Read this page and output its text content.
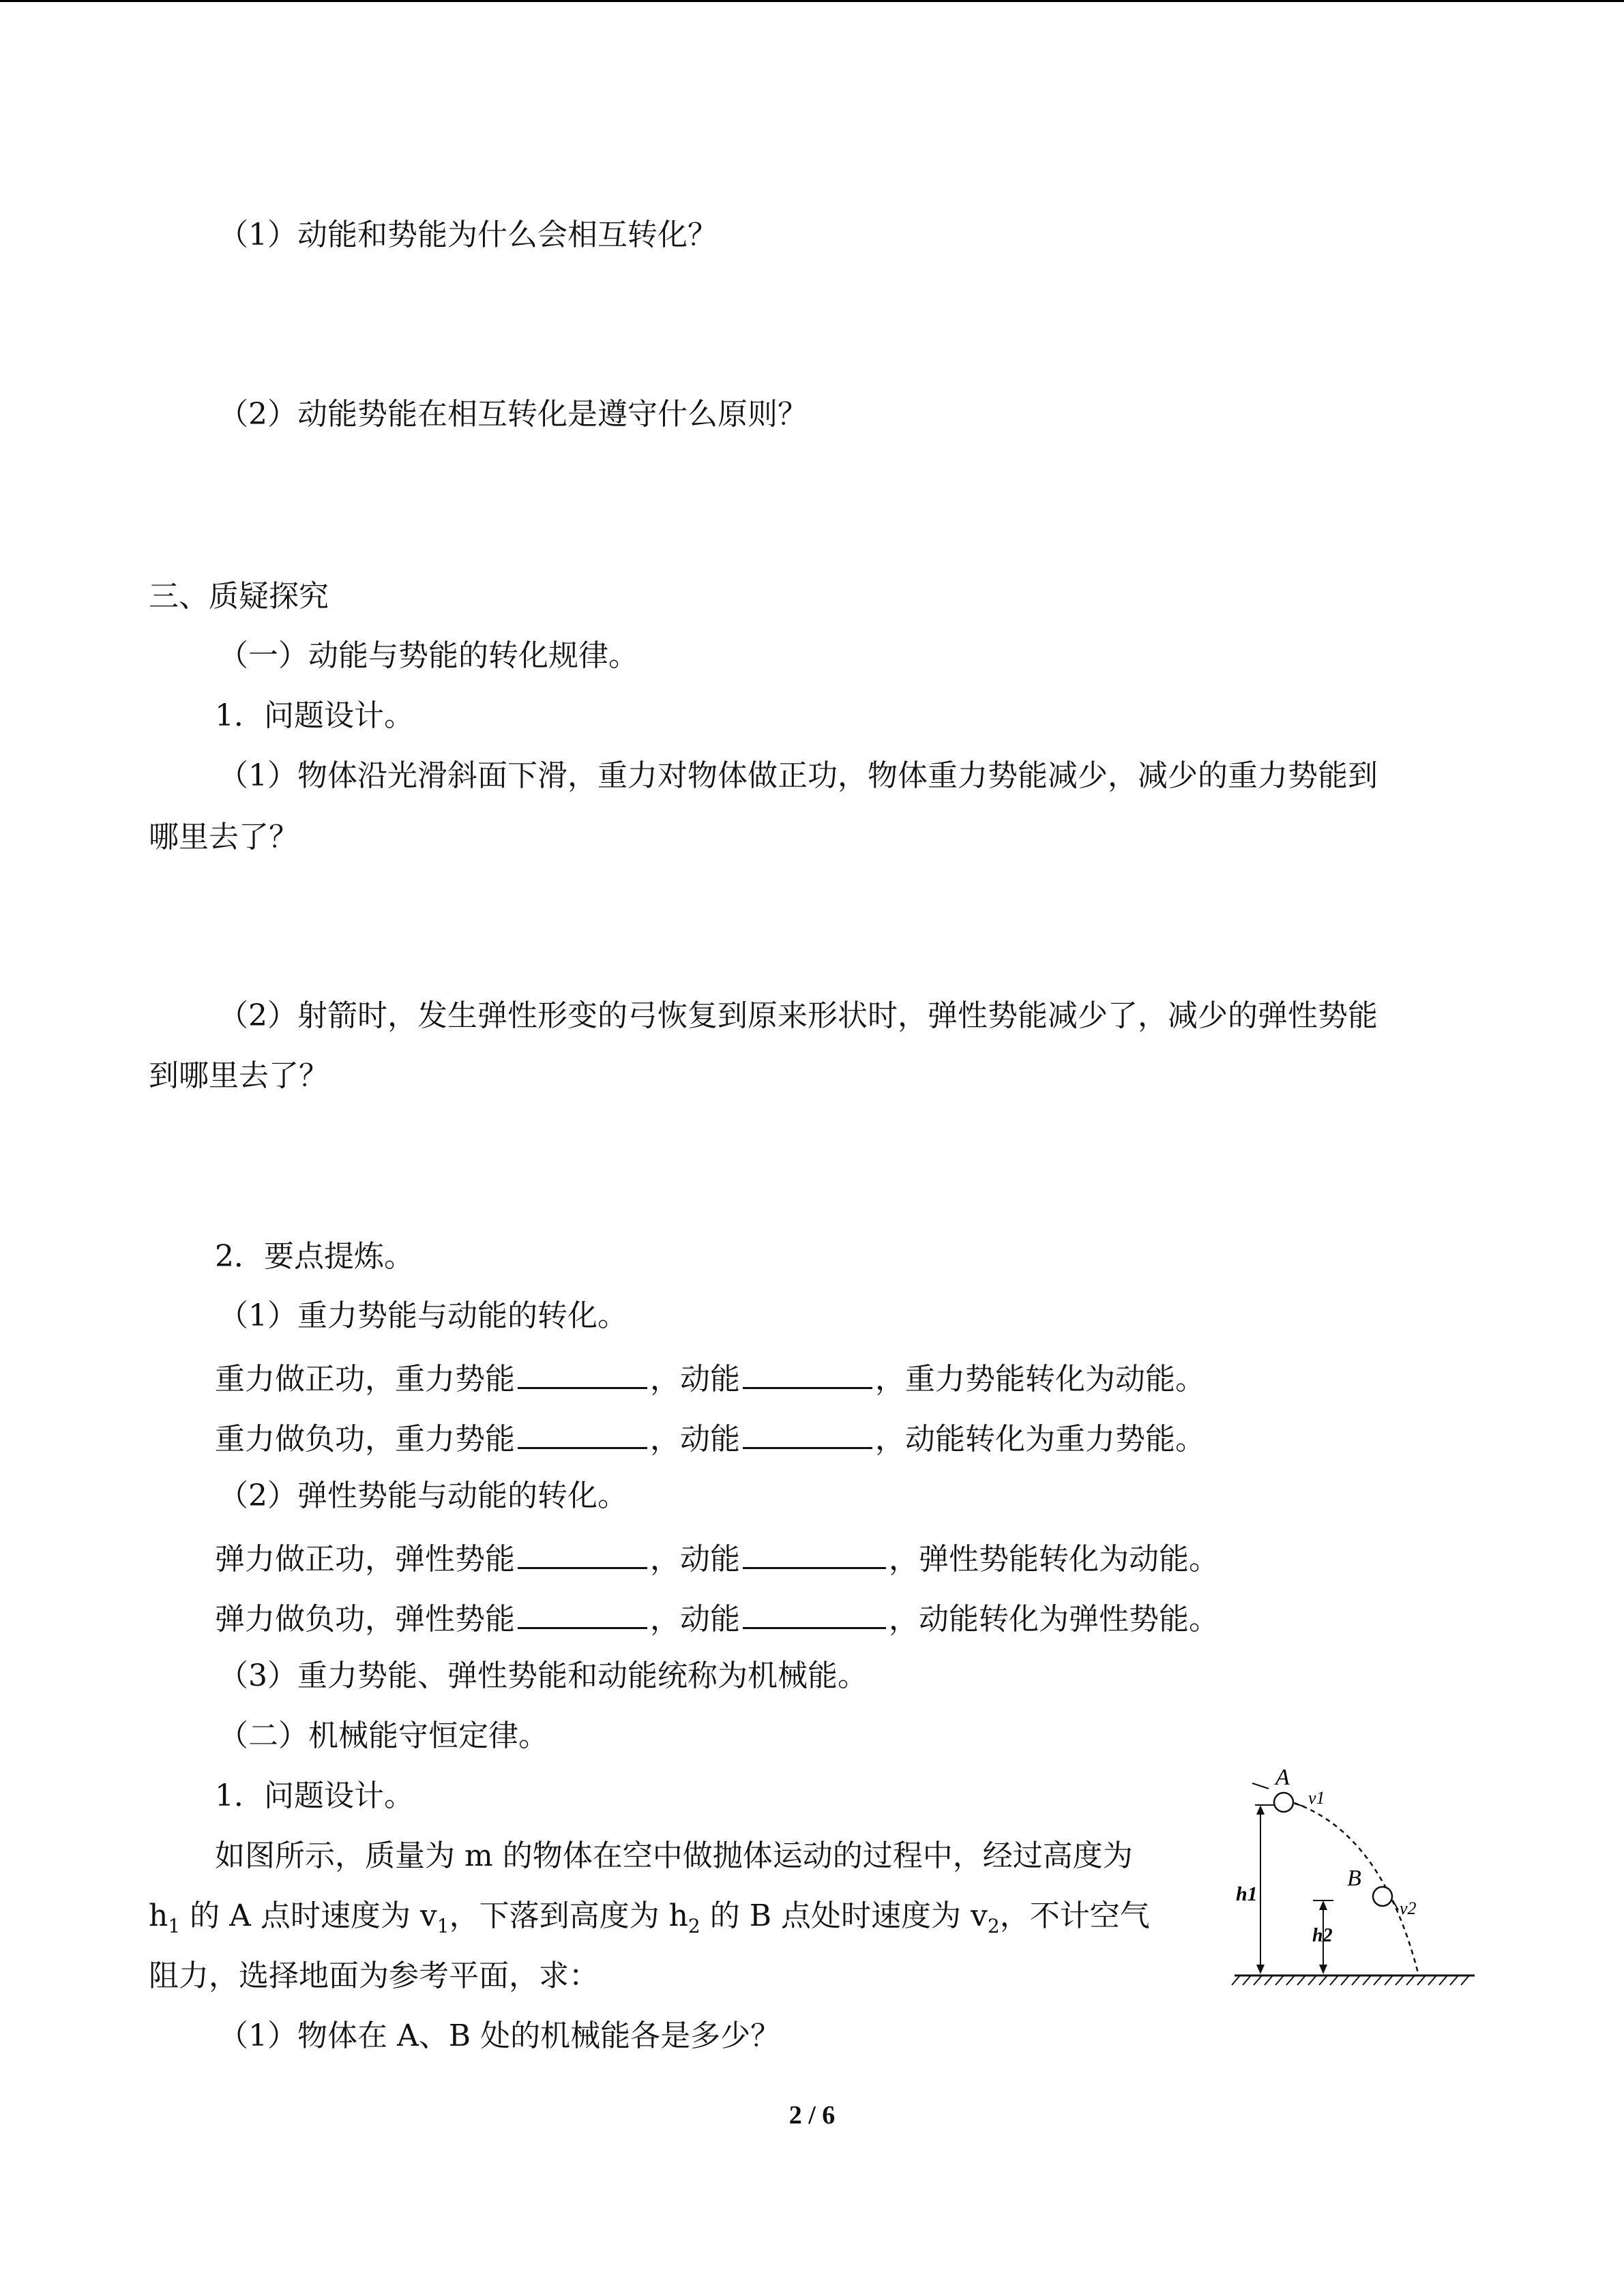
（1）动能和势能为什么会相互转化？
（2）动能势能在相互转化是遵守什么原则？
三、质疑探究
（一）动能与势能的转化规律。
1．问题设计。
（1）物体沿光滑斜面下滑，重力对物体做正功，物体重力势能减少，减少的重力势能到
哪里去了？
（2）射箭时，发生弹性形变的弓恢复到原来形状时，弹性势能减少了，减少的弹性势能
到哪里去了？
2．要点提炼。
（1）重力势能与动能的转化。
重力做正功，重力势能	，动能	，重力势能转化为动能。
重力做负功，重力势能	，动能	，动能转化为重力势能。
（2）弹性势能与动能的转化。
弹力做正功，弹性势能	，动能	，弹性势能转化为动能。
弹力做负功，弹性势能	，动能	，动能转化为弹性势能。
（3）重力势能、弹性势能和动能统称为机械能。
（二）机械能守恒定律。
1．问题设计。
如图所示，质量为 m 的物体在空中做抛体运动的过程中，经过高度为
$h_1$ 的 A 点时速度为 $v_1$，下落到高度为 $h_2$ 的 B 点处时速度为 $v_2$，不计空气
阻力，选择地面为参考平面，求：
（1）物体在 A、B 处的机械能各是多少？
A
B
v1
v2
h1
h2
2 / 6
